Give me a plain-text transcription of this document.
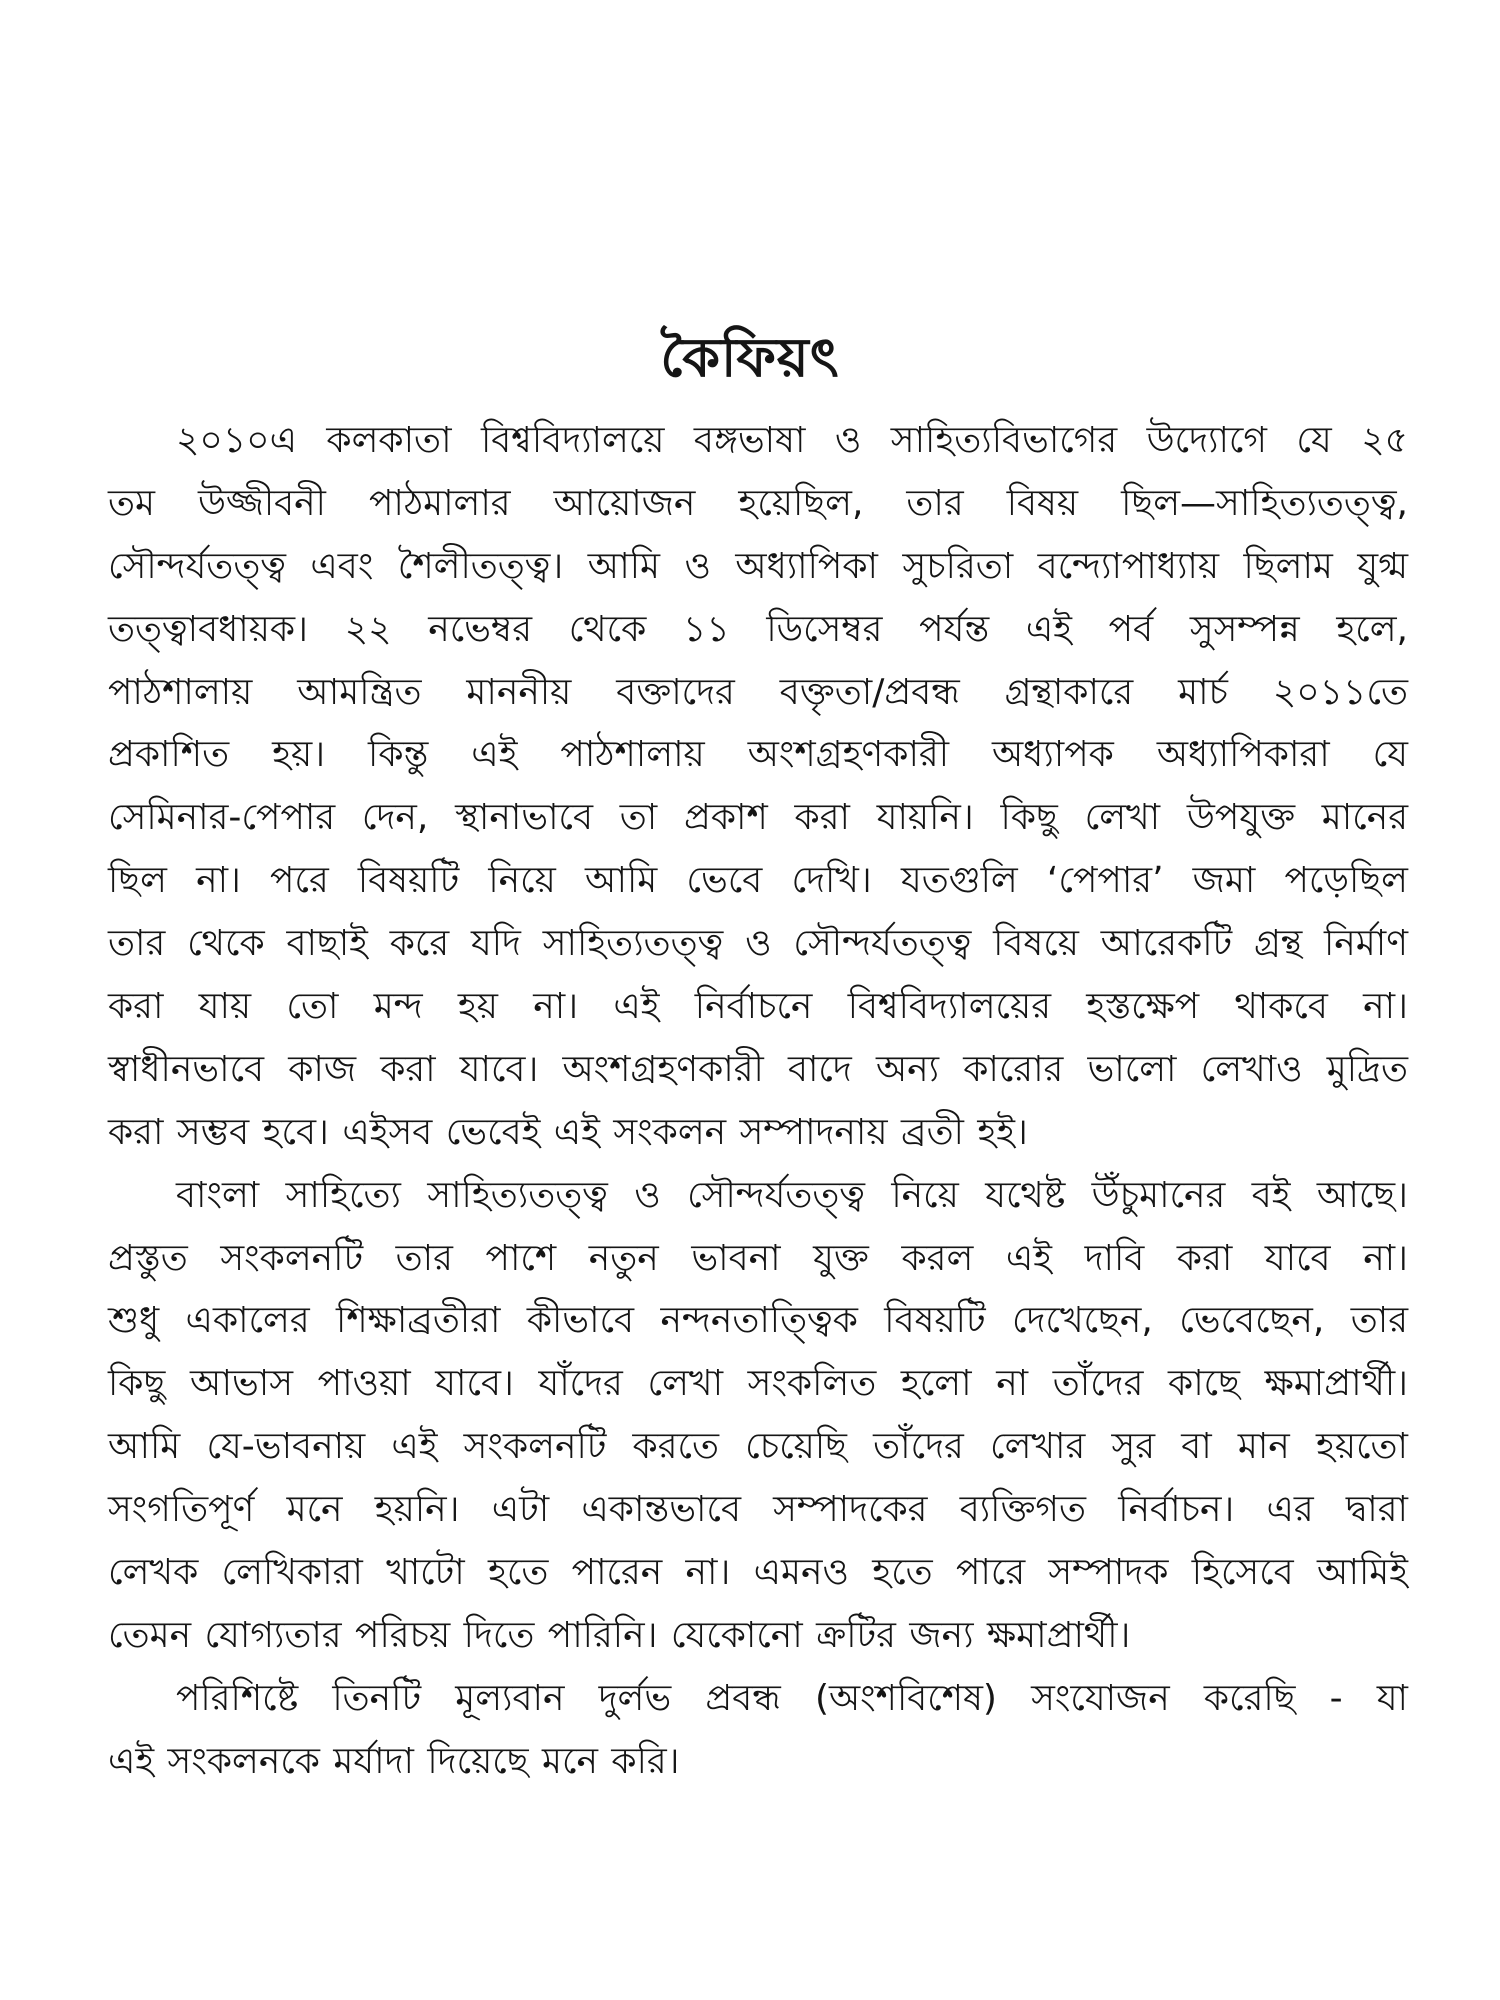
কৈফিয়ৎ
২০১০এ কলকাতা বিশ্ববিদ্যালয়ে বঙ্গভাষা ও সাহিত্যবিভাগের উদ্যোগে যে ২৫
তম উজ্জীবনী পাঠমালার আয়োজন হয়েছিল, তার বিষয় ছিল—সাহিত্যতত্ত্ব,
সৌন্দর্যতত্ত্ব এবং শৈলীতত্ত্ব। আমি ও অধ্যাপিকা সুচরিতা বন্দ্যোপাধ্যায় ছিলাম যুগ্ম
তত্ত্বাবধায়ক। ২২ নভেম্বর থেকে ১১ ডিসেম্বর পর্যন্ত এই পর্ব সুসম্পন্ন হলে,
পাঠশালায় আমন্ত্রিত মাননীয় বক্তাদের বক্তৃতা/প্রবন্ধ গ্রন্থাকারে মার্চ ২০১১তে
প্রকাশিত হয়। কিন্তু এই পাঠশালায় অংশগ্রহণকারী অধ্যাপক অধ্যাপিকারা যে
সেমিনার-পেপার দেন, স্থানাভাবে তা প্রকাশ করা যায়নি। কিছু লেখা উপযুক্ত মানের
ছিল না। পরে বিষয়টি নিয়ে আমি ভেবে দেখি। যতগুলি ‘পেপার’ জমা পড়েছিল
তার থেকে বাছাই করে যদি সাহিত্যতত্ত্ব ও সৌন্দর্যতত্ত্ব বিষয়ে আরেকটি গ্রন্থ নির্মাণ
করা যায় তো মন্দ হয় না। এই নির্বাচনে বিশ্ববিদ্যালয়ের হস্তক্ষেপ থাকবে না।
স্বাধীনভাবে কাজ করা যাবে। অংশগ্রহণকারী বাদে অন্য কারোর ভালো লেখাও মুদ্রিত
করা সম্ভব হবে। এইসব ভেবেই এই সংকলন সম্পাদনায় ব্রতী হই।
বাংলা সাহিত্যে সাহিত্যতত্ত্ব ও সৌন্দর্যতত্ত্ব নিয়ে যথেষ্ট উঁচুমানের বই আছে।
প্রস্তুত সংকলনটি তার পাশে নতুন ভাবনা যুক্ত করল এই দাবি করা যাবে না।
শুধু একালের শিক্ষাব্রতীরা কীভাবে নন্দনতাত্ত্বিক বিষয়টি দেখেছেন, ভেবেছেন, তার
কিছু আভাস পাওয়া যাবে। যাঁদের লেখা সংকলিত হলো না তাঁদের কাছে ক্ষমাপ্রার্থী।
আমি যে-ভাবনায় এই সংকলনটি করতে চেয়েছি তাঁদের লেখার সুর বা মান হয়তো
সংগতিপূর্ণ মনে হয়নি। এটা একান্তভাবে সম্পাদকের ব্যক্তিগত নির্বাচন। এর দ্বারা
লেখক লেখিকারা খাটো হতে পারেন না। এমনও হতে পারে সম্পাদক হিসেবে আমিই
তেমন যোগ্যতার পরিচয় দিতে পারিনি। যেকোনো ক্রটির জন্য ক্ষমাপ্রার্থী।
পরিশিষ্টে তিনটি মূল্যবান দুর্লভ প্রবন্ধ (অংশবিশেষ) সংযোজন করেছি - যা
এই সংকলনকে মর্যাদা দিয়েছে মনে করি।
